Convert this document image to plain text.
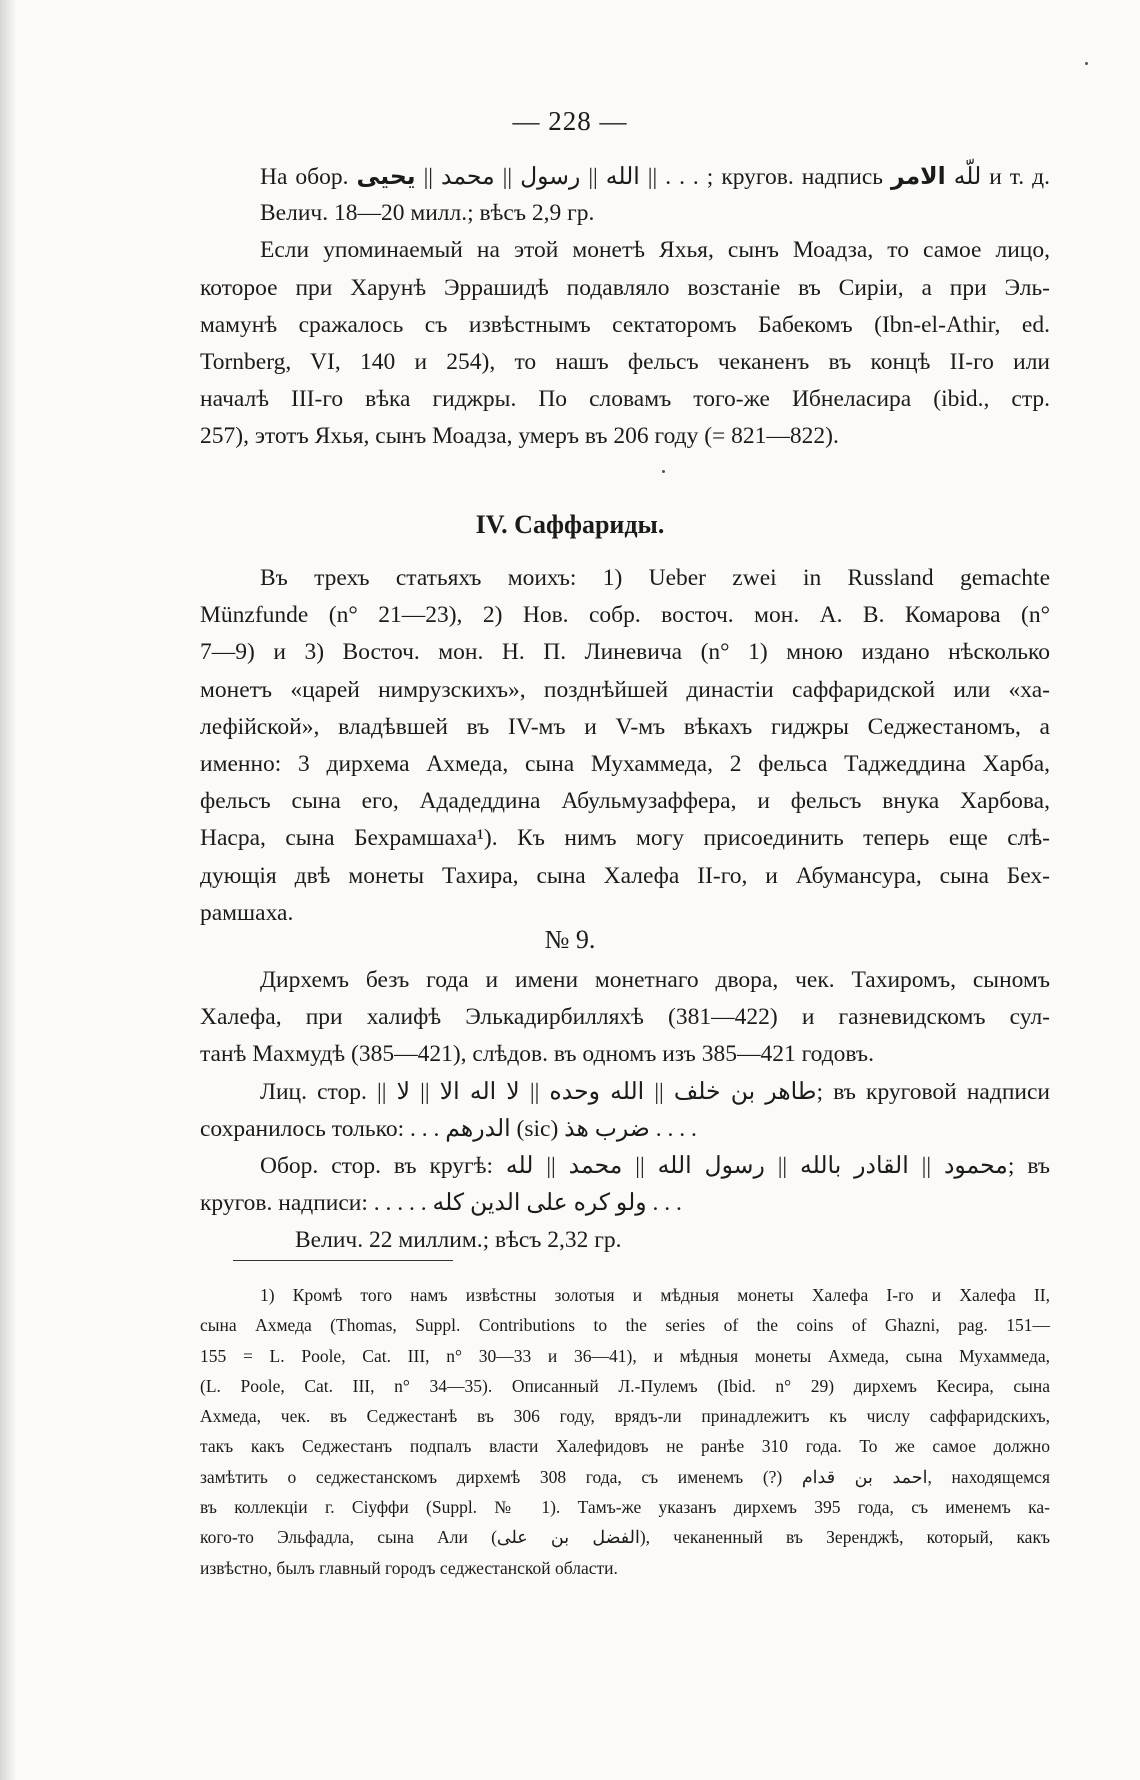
— 228 —
На обор. يحيى || الله || رسول || محمد || . . . ; кругов. надпись الامر للّه и т. д.
Велич. 18—20 милл.; вѣсъ 2,9 гр.
Если упоминаемый на этой монетѣ Яхья, сынъ Моадза, то самое лицо,
которое при Харунѣ Эррашидѣ подавляло возстаніе въ Сиріи, а при Эль-
мамунѣ сражалось съ извѣстнымъ сектаторомъ Бабекомъ (Ibn-el-Athir, ed.
Tornberg, VI, 140 и 254), то нашъ фельсъ чеканенъ въ концѣ II-го или
началѣ III-го вѣка гиджры. По словамъ того-же Ибнеласира (ibid., стр.
257), этотъ Яхья, сынъ Моадза, умеръ въ 206 году (= 821—822).
IV. Саффариды.
Въ трехъ статьяхъ моихъ: 1) Ueber zwei in Russland gemachte
Münzfunde (n° 21—23), 2) Нов. собр. восточ. мон. А. В. Комарова (n°
7—9) и 3) Восточ. мон. Н. П. Линевича (n° 1) мною издано нѣсколько
монетъ «царей нимрузскихъ», позднѣйшей династіи саффаридской или «ха-
лефійской», владѣвшей въ IV-мъ и V-мъ вѣкахъ гиджры Седжестаномъ, а
именно: 3 дирхема Ахмеда, сына Мухаммеда, 2 фельса Таджеддина Харба,
фельсъ сына его, Ададеддина Абульмузаффера, и фельсъ внука Харбова,
Насра, сына Бехрамшаха¹). Къ нимъ могу присоединить теперь еще слѣ-
дующія двѣ монеты Тахира, сына Халефа II-го, и Абумансура, сына Бех-
рамшаха.
№ 9.
Дирхемъ безъ года и имени монетнаго двора, чек. Тахиромъ, сыномъ
Халефа, при халифѣ Элькадирбилляхѣ (381—422) и газневидскомъ сул-
танѣ Махмудѣ (385—421), слѣдов. въ одномъ изъ 385—421 годовъ.
Лиц. стор. || طاهر بن خلف || الله وحده || لا اله الا || لا; въ круговой надписи
сохранилось только: . . . الدرهم (sic) ضرب هذ . . . .
Обор. стор. въ кругѣ: محمود || القادر بالله || رسول الله || محمد || لله; въ
кругов. надписи: . . . . . ولو كره على الدين كله . . .
Велич. 22 миллим.; вѣсъ 2,32 гр.
1) Кромѣ того намъ извѣстны золотыя и мѣдныя монеты Халефа I-го и Халефа II,
сына Ахмеда (Thomas, Suppl. Contributions to the series of the coins of Ghazni, pag. 151—
155 = L. Poole, Cat. III, n° 30—33 и 36—41), и мѣдныя монеты Ахмеда, сына Мухаммеда,
(L. Poole, Cat. III, n° 34—35). Описанный Л.-Пулемъ (Ibid. n° 29) дирхемъ Кесира, сына
Ахмеда, чек. въ Седжестанѣ въ 306 году, врядъ-ли принадлежитъ къ числу саффаридскихъ,
такъ какъ Седжестанъ подпалъ власти Халефидовъ не ранѣе 310 года. То же самое должно
замѣтить о седжестанскомъ дирхемѣ 308 года, съ именемъ (?) احمد بن قدام, находящемся
въ коллекціи г. Сіуффи (Suppl. № 1). Тамъ-же указанъ дирхемъ 395 года, съ именемъ ка-
кого-то Эльфадла, сына Али (الفضل بن على), чеканенный въ Зеренджѣ, который, какъ
извѣстно, былъ главный городъ седжестанской области.
